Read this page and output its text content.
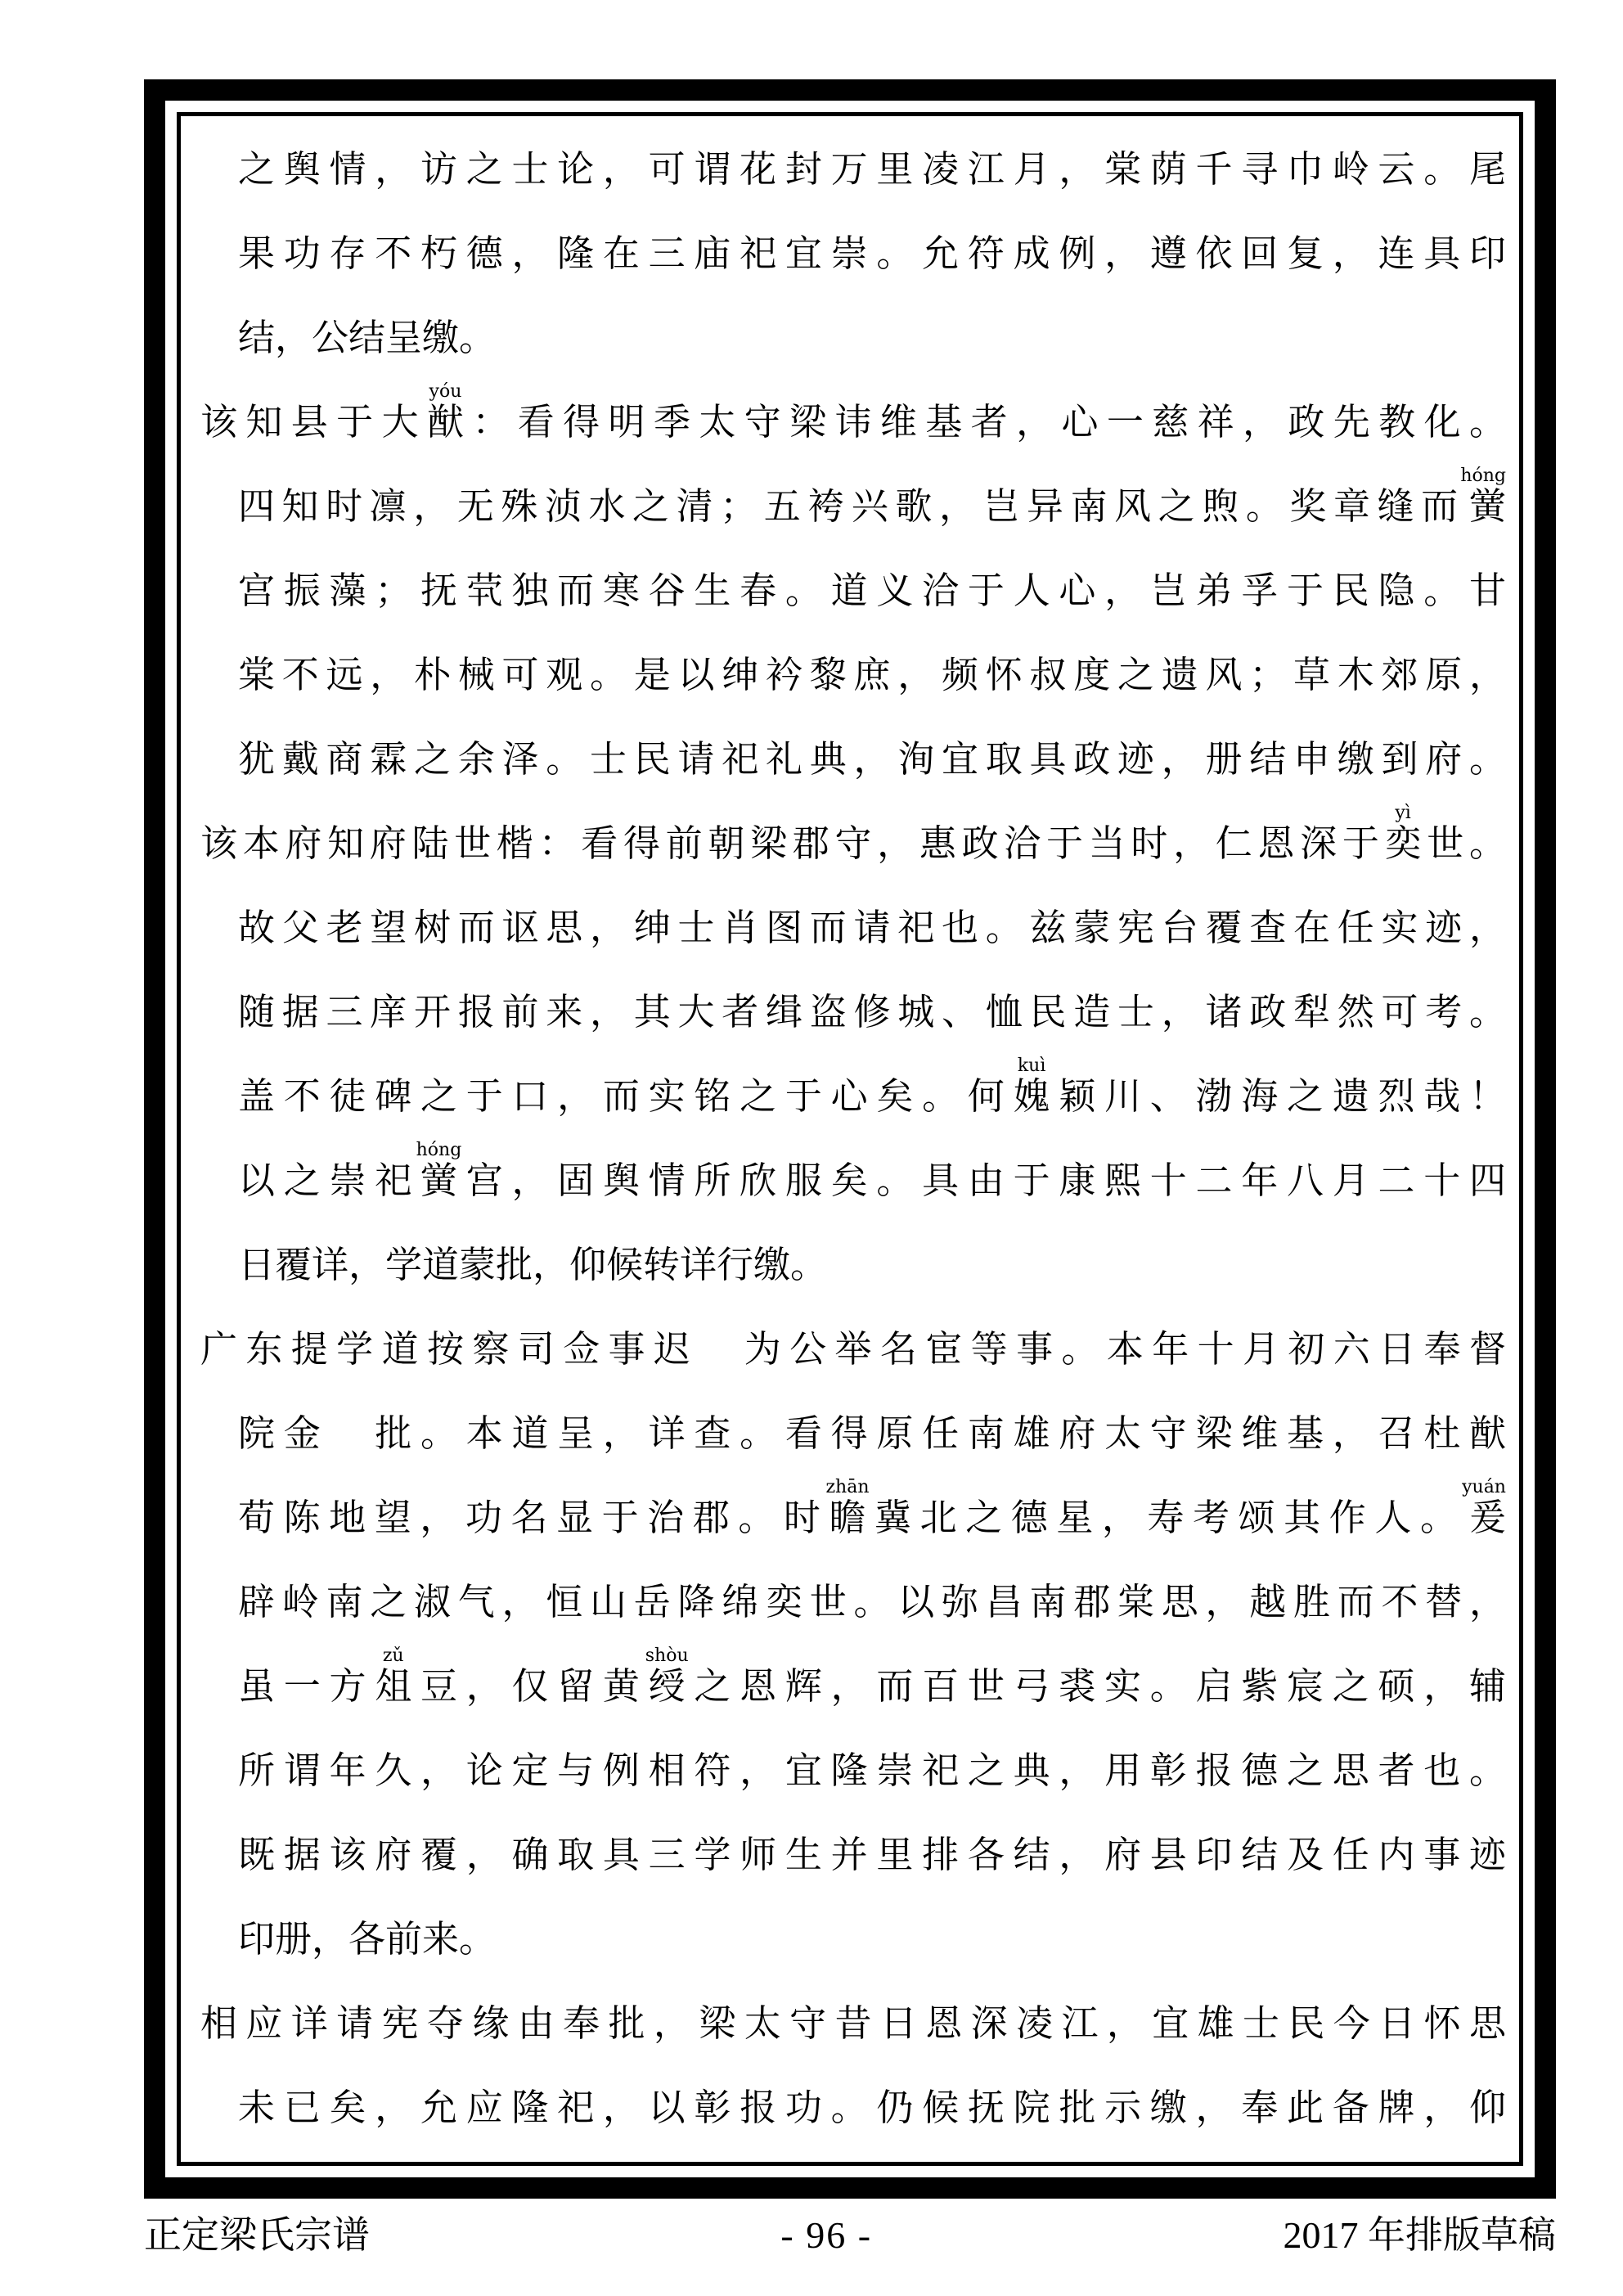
之舆情，访之士论，可谓花封万里凌江月，棠荫千寻巾岭云。尾
果功存不朽德，隆在三庙祀宜崇。允符成例，遵依回复，连具印
结，公结呈缴。
该知县于大猷yóu：看得明季太守梁讳维基者，心一慈祥，政先教化。
四知时凛，无殊浈水之清；五袴兴歌，岂异南风之煦。奖章缝而黉hóng
宫振藻；抚茕独而寒谷生春。道义洽于人心，岂弟孚于民隐。甘
棠不远，朴械可观。是以绅衿黎庶，频怀叔度之遗风；草木郊原，
犹戴商霖之余泽。士民请祀礼典，洵宜取具政迹，册结申缴到府。
该本府知府陆世楷：看得前朝梁郡守，惠政洽于当时，仁恩深于奕yì世。
故父老望树而讴思，绅士肖图而请祀也。兹蒙宪台覆查在任实迹，
随据三庠开报前来，其大者缉盗修城、恤民造士，诸政犁然可考。
盖不徒碑之于口，而实铭之于心矣。何媿kuì颖川、渤海之遗烈哉！
以之崇祀黉hóng宫，固舆情所欣服矣。具由于康熙十二年八月二十四
日覆详，学道蒙批，仰候转详行缴。
广东提学道按察司佥事迟　为公举名宦等事。本年十月初六日奉督
院金　批。本道呈，详查。看得原任南雄府太守梁维基，召杜猷
荀陈地望，功名显于治郡。时瞻zhān冀北之德星，寿考颂其作人。爰yuán
辟岭南之淑气，恒山岳降绵奕世。以弥昌南郡棠思，越胜而不替，
虽一方俎zǔ豆，仅留黄绶shòu之恩辉，而百世弓裘实。启紫宸之硕，辅
所谓年久，论定与例相符，宜隆崇祀之典，用彰报德之思者也。
既据该府覆，确取具三学师生并里排各结，府县印结及任内事迹
印册，各前来。
相应详请宪夺缘由奉批，梁太守昔日恩深凌江，宜雄士民今日怀思
未已矣，允应隆祀，以彰报功。仍候抚院批示缴，奉此备牌，仰
正定梁氏宗谱	- 96 -	2017 年排版草稿
